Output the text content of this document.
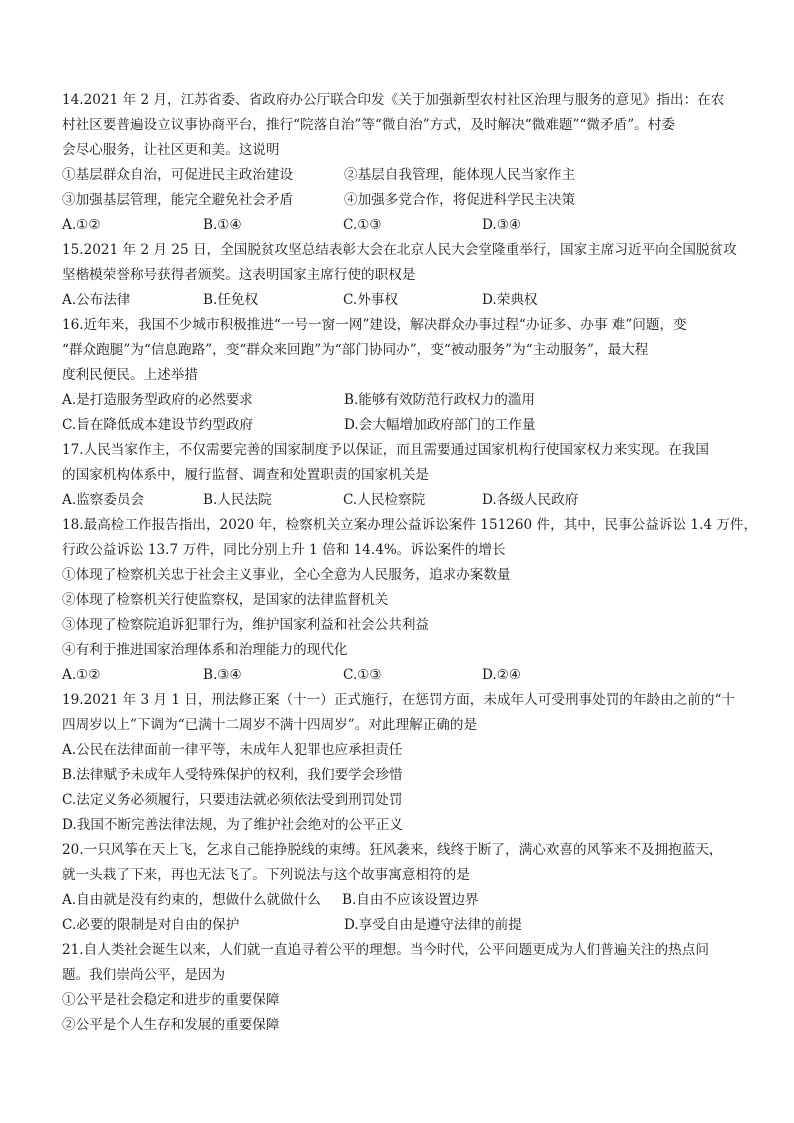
14.2021 年 2 月，江苏省委、省政府办公厅联合印发《关于加强新型农村社区治理与服务的意见》指出：在农
村社区要普遍设立议事协商平台，推行“院落自治”等“微自治”方式，及时解决“微难题”“微矛盾”。村委
会尽心服务，让社区更和美。这说明
①基层群众自治，可促进民主政治建设	②基层自我管理，能体现人民当家作主
③加强基层管理，能完全避免社会矛盾	④加强多党合作，将促进科学民主决策
A.①②	B.①④	C.①③	D.③④
15.2021 年 2 月 25 日，全国脱贫攻坚总结表彰大会在北京人民大会堂隆重举行，国家主席习近平向全国脱贫攻
坚楷模荣誉称号获得者颁奖。这表明国家主席行使的职权是
A.公布法律	B.任免权	C.外事权	D.荣典权
16.近年来，我国不少城市积极推进“一号一窗一网”建设，解决群众办事过程“办证多、办事 难”问题，变
“群众跑腿”为“信息跑路”，变“群众来回跑”为“部门协同办”，变“被动服务”为“主动服务”，最大程
度利民便民。上述举措
A.是打造服务型政府的必然要求	B.能够有效防范行政权力的滥用
C.旨在降低成本建设节约型政府	D.会大幅增加政府部门的工作量
17.人民当家作主，不仅需要完善的国家制度予以保证，而且需要通过国家机构行使国家权力来实现。在我国
的国家机构体系中，履行监督、调查和处置职责的国家机关是
A.监察委员会	B.人民法院	C.人民检察院	D.各级人民政府
18.最高检工作报告指出，2020 年，检察机关立案办理公益诉讼案件 151260 件，其中，民事公益诉讼 1.4 万件，
行政公益诉讼 13.7 万件，同比分别上升 1 倍和 14.4%。诉讼案件的增长
①体现了检察机关忠于社会主义事业，全心全意为人民服务，追求办案数量
②体现了检察机关行使监察权，是国家的法律监督机关
③体现了检察院追诉犯罪行为，维护国家利益和社会公共利益
④有利于推进国家治理体系和治理能力的现代化
A.①②	B.③④	C.①③	D.②④
19.2021 年 3 月 1 日，刑法修正案（十一）正式施行，在惩罚方面，未成年人可受刑事处罚的年龄由之前的“十
四周岁以上”下调为“已满十二周岁不满十四周岁”。对此理解正确的是
A.公民在法律面前一律平等，未成年人犯罪也应承担责任
B.法律赋予未成年人受特殊保护的权利，我们要学会珍惜
C.法定义务必须履行，只要违法就必须依法受到刑罚处罚
D.我国不断完善法律法规，为了维护社会绝对的公平正义
20.一只风筝在天上飞，乞求自己能挣脱线的束缚。狂风袭来，线终于断了，满心欢喜的风筝来不及拥抱蓝天，
就一头栽了下来，再也无法飞了。下列说法与这个故事寓意相符的是
A.自由就是没有约束的，想做什么就做什么 B.自由不应该设置边界
C.必要的限制是对自由的保护	D.享受自由是遵守法律的前提
21.自人类社会诞生以来，人们就一直追寻着公平的理想。当今时代，公平问题更成为人们普遍关注的热点问
题。我们崇尚公平，是因为
①公平是社会稳定和进步的重要保障
②公平是个人生存和发展的重要保障
